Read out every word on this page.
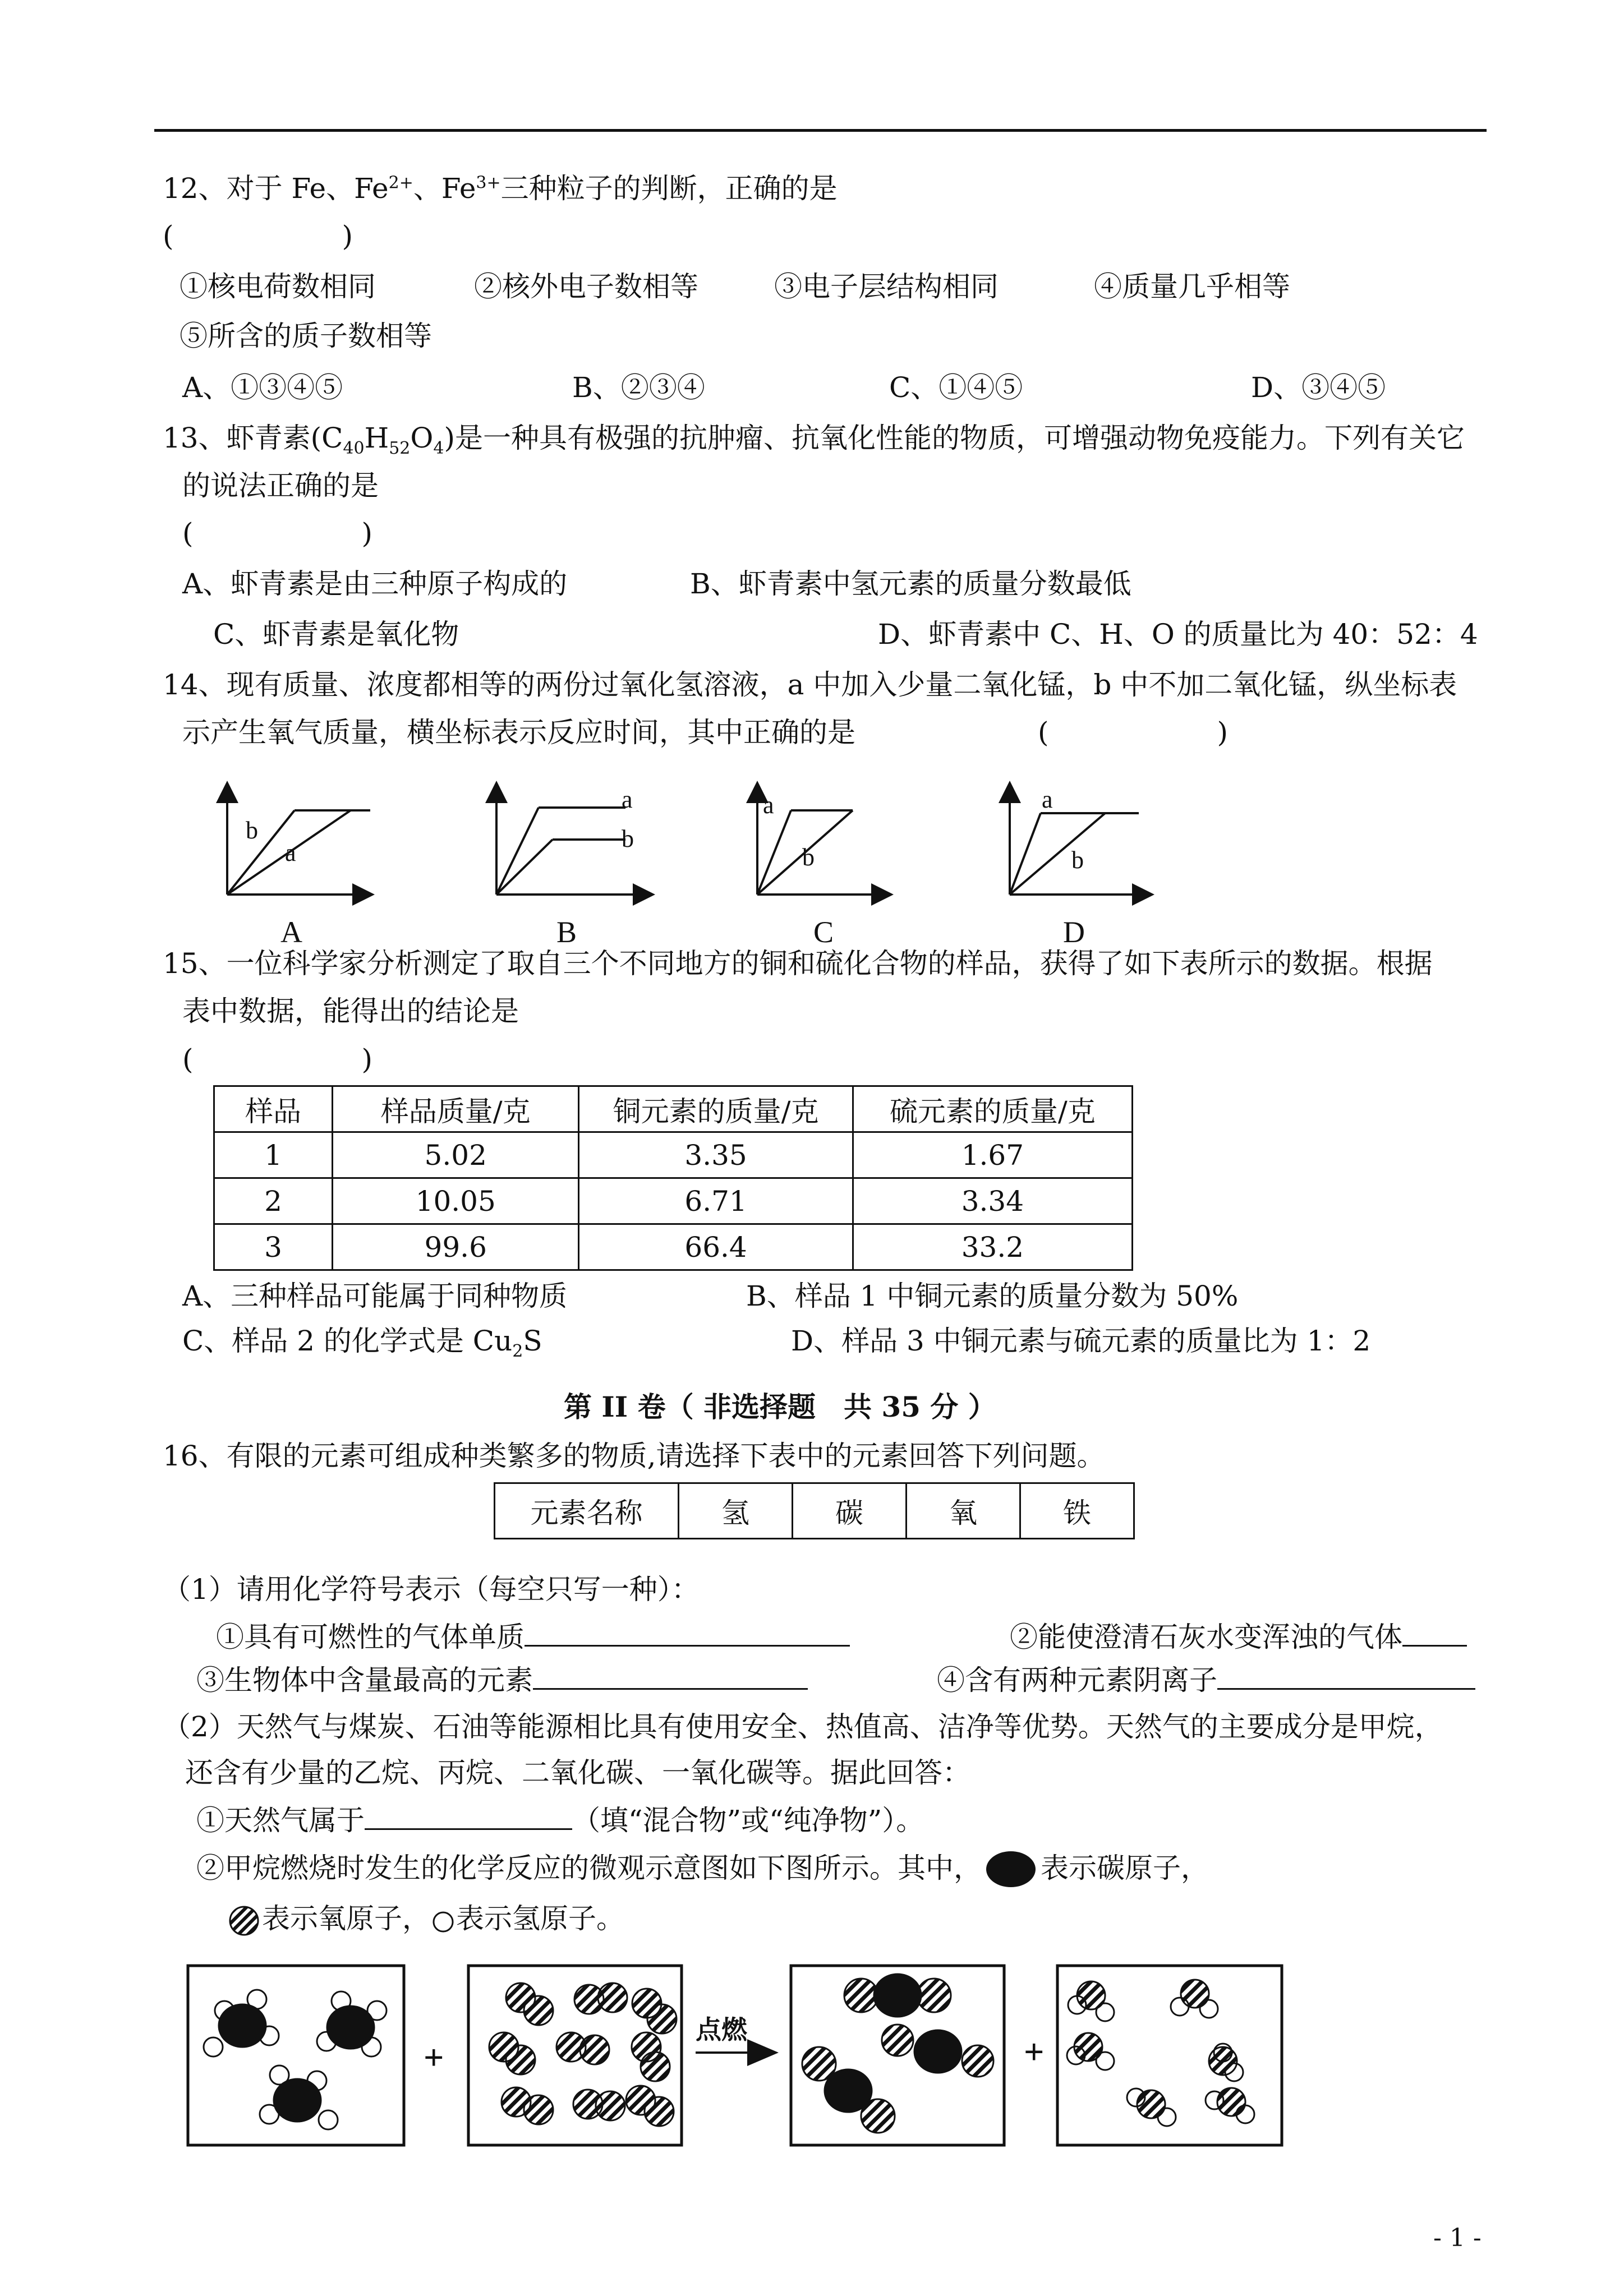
12、对于 Fe、$Fe^{2+}$、$Fe^{3+}$三种粒子的判断，正确的是
(　　　　　　)
①核电荷数相同	②核外电子数相等	③电子层结构相同	④质量几乎相等
⑤所含的质子数相等
A、①③④⑤	B、②③④	C、①④⑤	D、③④⑤
13、虾青素$(C_{40}H_{52}O_4)$是一种具有极强的抗肿瘤、抗氧化性能的物质，可增强动物免疫能力。下列有关它
的说法正确的是
(　　　　　　)
A、虾青素是由三种原子构成的	B、虾青素中氢元素的质量分数最低
C、虾青素是氧化物	D、虾青素中 C、H、O 的质量比为 40：52：4
14、现有质量、浓度都相等的两份过氧化氢溶液，a 中加入少量二氧化锰，b 中不加二氧化锰，纵坐标表
示产生氧气质量，横坐标表示反应时间，其中正确的是	(　　　　　　)
b
a
A
a
b
B
a
b
C
a
b
D
15、一位科学家分析测定了取自三个不同地方的铜和硫化合物的样品，获得了如下表所示的数据。根据
表中数据，能得出的结论是
(　　　　　　)
样品	样品质量/克	铜元素的质量/克	硫元素的质量/克
1	5.02	3.35	1.67
2	10.05	6.71	3.34
3	99.6	66.4	33.2
A、三种样品可能属于同种物质	B、样品 1 中铜元素的质量分数为 50%
C、样品 2 的化学式是 $Cu_2S$	D、样品 3 中铜元素与硫元素的质量比为 1：2
第 II 卷（ 非选择题　共 35 分 ）
16、有限的元素可组成种类繁多的物质,请选择下表中的元素回答下列问题。
元素名称	氢	碳	氧	铁
（1）请用化学符号表示（每空只写一种）：
①具有可燃性的气体单质	②能使澄清石灰水变浑浊的气体
③生物体中含量最高的元素	④含有两种元素阴离子
（2）天然气与煤炭、石油等能源相比具有使用安全、热值高、洁净等优势。天然气的主要成分是甲烷，
还含有少量的乙烷、丙烷、二氧化碳、一氧化碳等。据此回答：
①天然气属于	（填“混合物”或“纯净物”）。
②甲烷燃烧时发生的化学反应的微观示意图如下图所示。其中， 表示碳原子，
表示氧原子， 表示氢原子。
+
点燃
+
- 1 -
